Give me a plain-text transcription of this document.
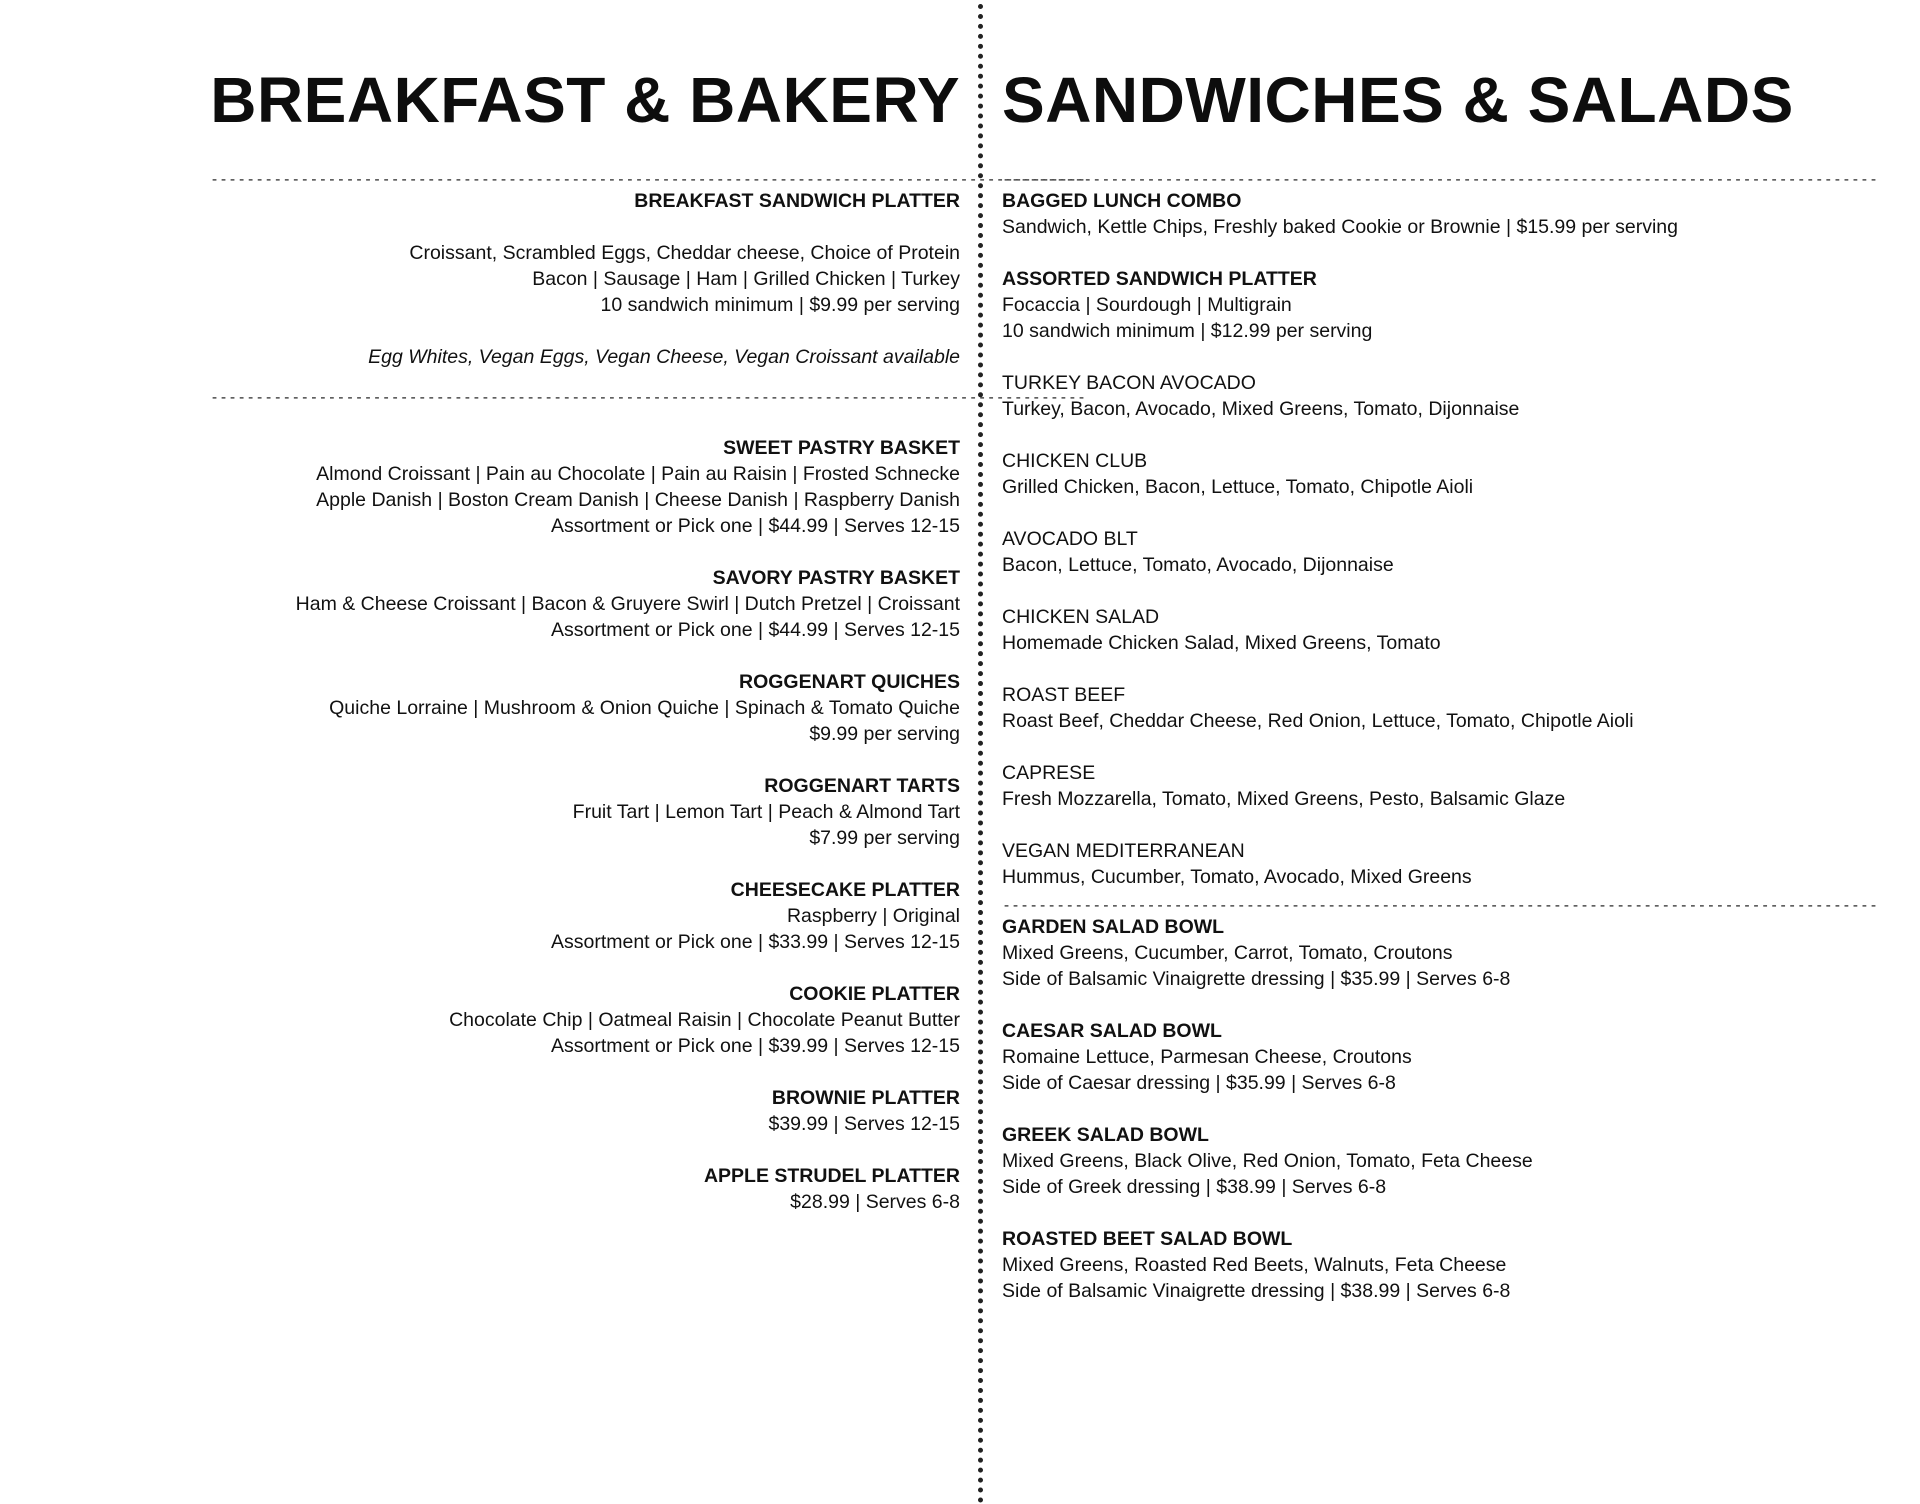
BREAKFAST & BAKERY
-------------------------------------------------------------------------------------------------
BREAKFAST SANDWICH PLATTER
Croissant, Scrambled Eggs, Cheddar cheese, Choice of Protein
Bacon | Sausage | Ham | Grilled Chicken | Turkey
10 sandwich minimum | $9.99 per serving
Egg Whites, Vegan Eggs, Vegan Cheese, Vegan Croissant available
-------------------------------------------------------------------------------------------------
SWEET PASTRY BASKET
Almond Croissant | Pain au Chocolate | Pain au Raisin | Frosted Schnecke
Apple Danish | Boston Cream Danish | Cheese Danish | Raspberry Danish
Assortment or Pick one | $44.99 | Serves 12-15
SAVORY PASTRY BASKET
Ham & Cheese Croissant | Bacon & Gruyere Swirl | Dutch Pretzel | Croissant
Assortment or Pick one | $44.99 | Serves 12-15
ROGGENART QUICHES
Quiche Lorraine | Mushroom & Onion Quiche | Spinach & Tomato Quiche
$9.99 per serving
ROGGENART TARTS
Fruit Tart | Lemon Tart | Peach & Almond Tart
$7.99 per serving
CHEESECAKE PLATTER
Raspberry | Original
Assortment or Pick one | $33.99 | Serves 12-15
COOKIE PLATTER
Chocolate Chip | Oatmeal Raisin | Chocolate Peanut Butter
Assortment or Pick one | $39.99 | Serves 12-15
BROWNIE PLATTER
$39.99 | Serves 12-15
APPLE STRUDEL PLATTER
$28.99 | Serves 6-8
SANDWICHES & SALADS
-------------------------------------------------------------------------------------------------
BAGGED LUNCH COMBO
Sandwich, Kettle Chips, Freshly baked Cookie or Brownie | $15.99 per serving
ASSORTED SANDWICH PLATTER
Focaccia | Sourdough | Multigrain
10 sandwich minimum | $12.99 per serving
TURKEY BACON AVOCADO
Turkey, Bacon, Avocado, Mixed Greens, Tomato, Dijonnaise
CHICKEN CLUB
Grilled Chicken, Bacon, Lettuce, Tomato, Chipotle Aioli
AVOCADO BLT
Bacon, Lettuce, Tomato, Avocado, Dijonnaise
CHICKEN SALAD
Homemade Chicken Salad, Mixed Greens, Tomato
ROAST BEEF
Roast Beef, Cheddar Cheese, Red Onion, Lettuce, Tomato, Chipotle Aioli
CAPRESE
Fresh Mozzarella, Tomato, Mixed Greens, Pesto, Balsamic Glaze
VEGAN MEDITERRANEAN
Hummus, Cucumber, Tomato, Avocado, Mixed Greens
-------------------------------------------------------------------------------------------------
GARDEN SALAD BOWL
Mixed Greens, Cucumber, Carrot, Tomato, Croutons
Side of Balsamic Vinaigrette dressing | $35.99 | Serves 6-8
CAESAR SALAD BOWL
Romaine Lettuce, Parmesan Cheese, Croutons
Side of Caesar dressing | $35.99 | Serves 6-8
GREEK SALAD BOWL
Mixed Greens, Black Olive, Red Onion, Tomato, Feta Cheese
Side of Greek dressing | $38.99 | Serves 6-8
ROASTED BEET SALAD BOWL
Mixed Greens, Roasted Red Beets, Walnuts, Feta Cheese
Side of Balsamic Vinaigrette dressing | $38.99 | Serves 6-8
